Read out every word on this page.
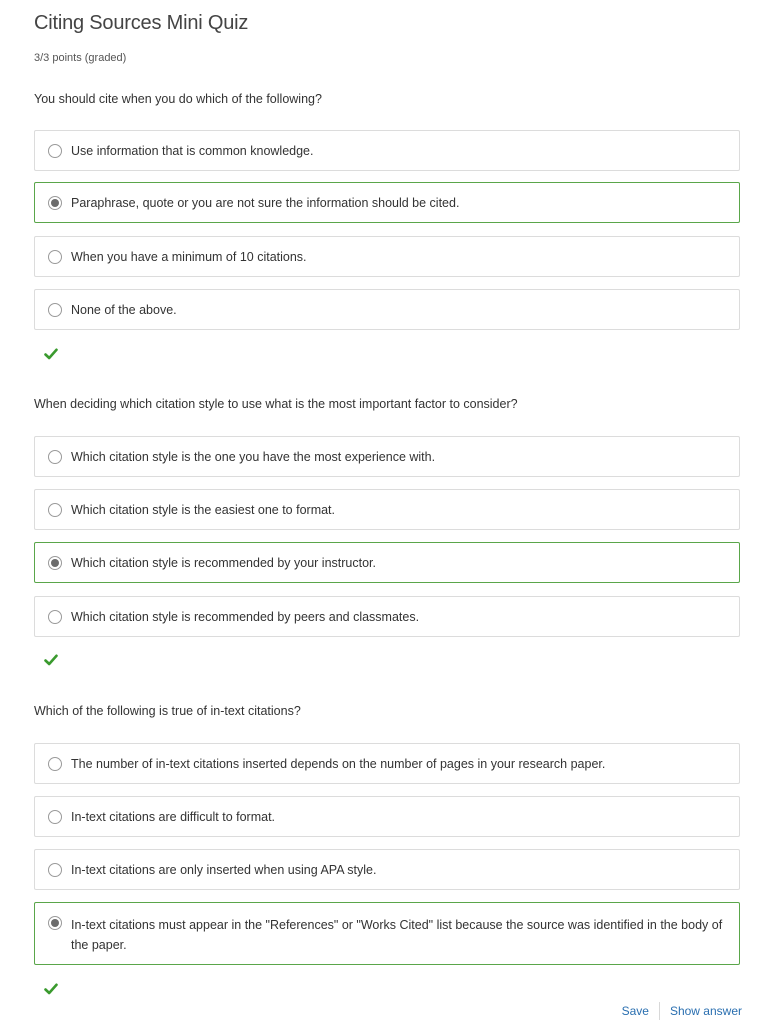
Citing Sources Mini Quiz
3/3 points (graded)
You should cite when you do which of the following?
Use information that is common knowledge.
Paraphrase, quote or you are not sure the information should be cited.
When you have a minimum of 10 citations.
None of the above.
When deciding which citation style to use what is the most important factor to consider?
Which citation style is the one you have the most experience with.
Which citation style is the easiest one to format.
Which citation style is recommended by your instructor.
Which citation style is recommended by peers and classmates.
Which of the following is true of in-text citations?
The number of in-text citations inserted depends on the number of pages in your research paper.
In-text citations are difficult to format.
In-text citations are only inserted when using APA style.
In-text citations must appear in the "References" or "Works Cited" list because the source was identified in the body of the paper.
Save Show answer
